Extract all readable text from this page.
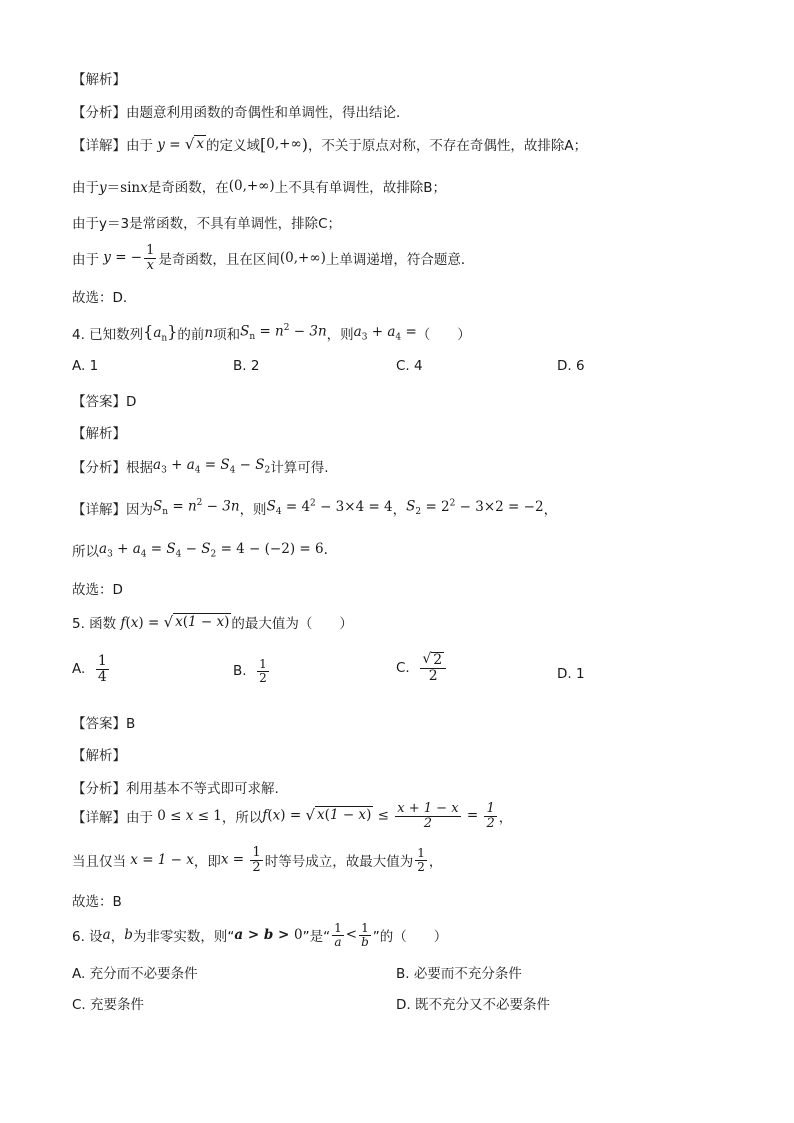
【解析】
【分析】由题意利用函数的奇偶性和单调性，得出结论．
【详解】由于 y = √ x 的定义域 [ 0,+∞ ) ，不关于原点对称，不存在奇偶性，故排除A；
由于 y＝sinx 是奇函数，在 (0,+∞) 上不具有单调性，故排除B；
由于y＝3是常函数，不具有单调性，排除C；
由于 y = − $\frac{1}{x}$ 是奇函数，且在区间 (0,+∞) 上单调递增，符合题意．
故选：D．
4. 已知数列 $\{a_n\}$ 的前 n 项和 $S_n = n^2 - 3n$ ，则 $a_3 + a_4$ = （　　）
A. 1	B. 2	C. 4	D. 6
【答案】D
【解析】
【分析】根据 $a_3 + a_4 = S_4 - S_2$ 计算可得.
【详解】因为 $S_n = n^2 - 3n$ ，则 $S_4 = 4^2 - 3\times 4 = 4$ ， $S_2 = 2^2 - 3\times 2 = -2$ ，
所以 $a_3 + a_4 = S_4 - S_2 = 4 - (-2) = 6$ .
故选：D
5. 函数 f(x) = √ x(1 − x) 的最大值为（　　）
A.
$\frac{1}{4}$	B.
$\frac{1}{2}$	C.
$\frac{√ 2}{2}$	D. 1
【答案】B
【解析】
【分析】利用基本不等式即可求解.
【详解】由于 0 ≤ x ≤ 1 ，所以 f(x) = √ $x(1 - x) \le \frac{x + 1 - x}{2} = \frac{1}{2}$ ，
当且仅当 x = 1 − x ，即 $x = \frac{1}{2}$ 时等号成立，故最大值为 $\frac{1}{2}$ ，
故选：B
6. 设 a ， b 为非零实数，则“ a > b > 0 ”是“ $\frac{1}{a} < \frac{1}{b}$ ”的（　　）
A. 充分而不必要条件	B. 必要而不充分条件
C. 充要条件	D. 既不充分又不必要条件
